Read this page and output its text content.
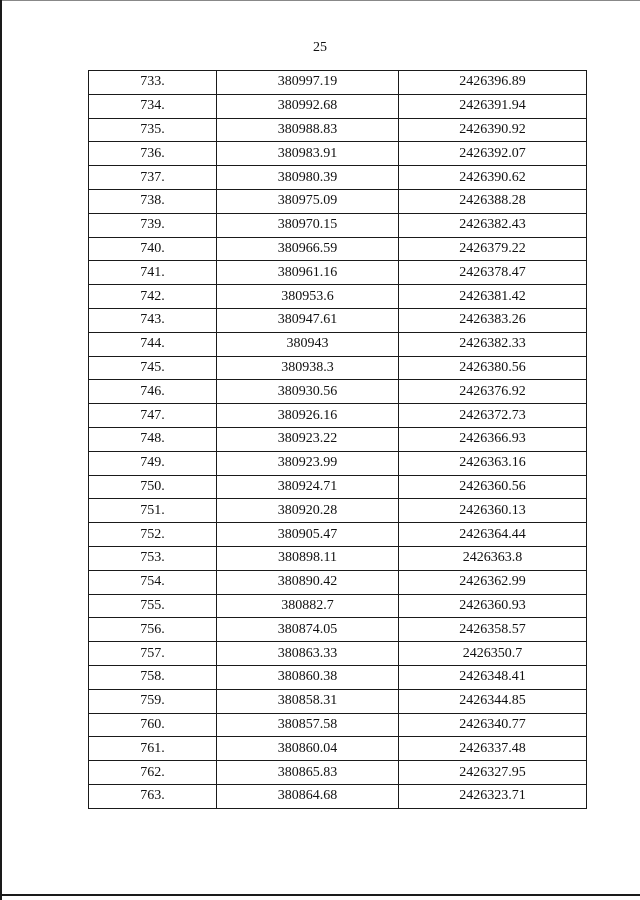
25
733.	380997.19	2426396.89
734.	380992.68	2426391.94
735.	380988.83	2426390.92
736.	380983.91	2426392.07
737.	380980.39	2426390.62
738.	380975.09	2426388.28
739.	380970.15	2426382.43
740.	380966.59	2426379.22
741.	380961.16	2426378.47
742.	380953.6	2426381.42
743.	380947.61	2426383.26
744.	380943	2426382.33
745.	380938.3	2426380.56
746.	380930.56	2426376.92
747.	380926.16	2426372.73
748.	380923.22	2426366.93
749.	380923.99	2426363.16
750.	380924.71	2426360.56
751.	380920.28	2426360.13
752.	380905.47	2426364.44
753.	380898.11	2426363.8
754.	380890.42	2426362.99
755.	380882.7	2426360.93
756.	380874.05	2426358.57
757.	380863.33	2426350.7
758.	380860.38	2426348.41
759.	380858.31	2426344.85
760.	380857.58	2426340.77
761.	380860.04	2426337.48
762.	380865.83	2426327.95
763.	380864.68	2426323.71
